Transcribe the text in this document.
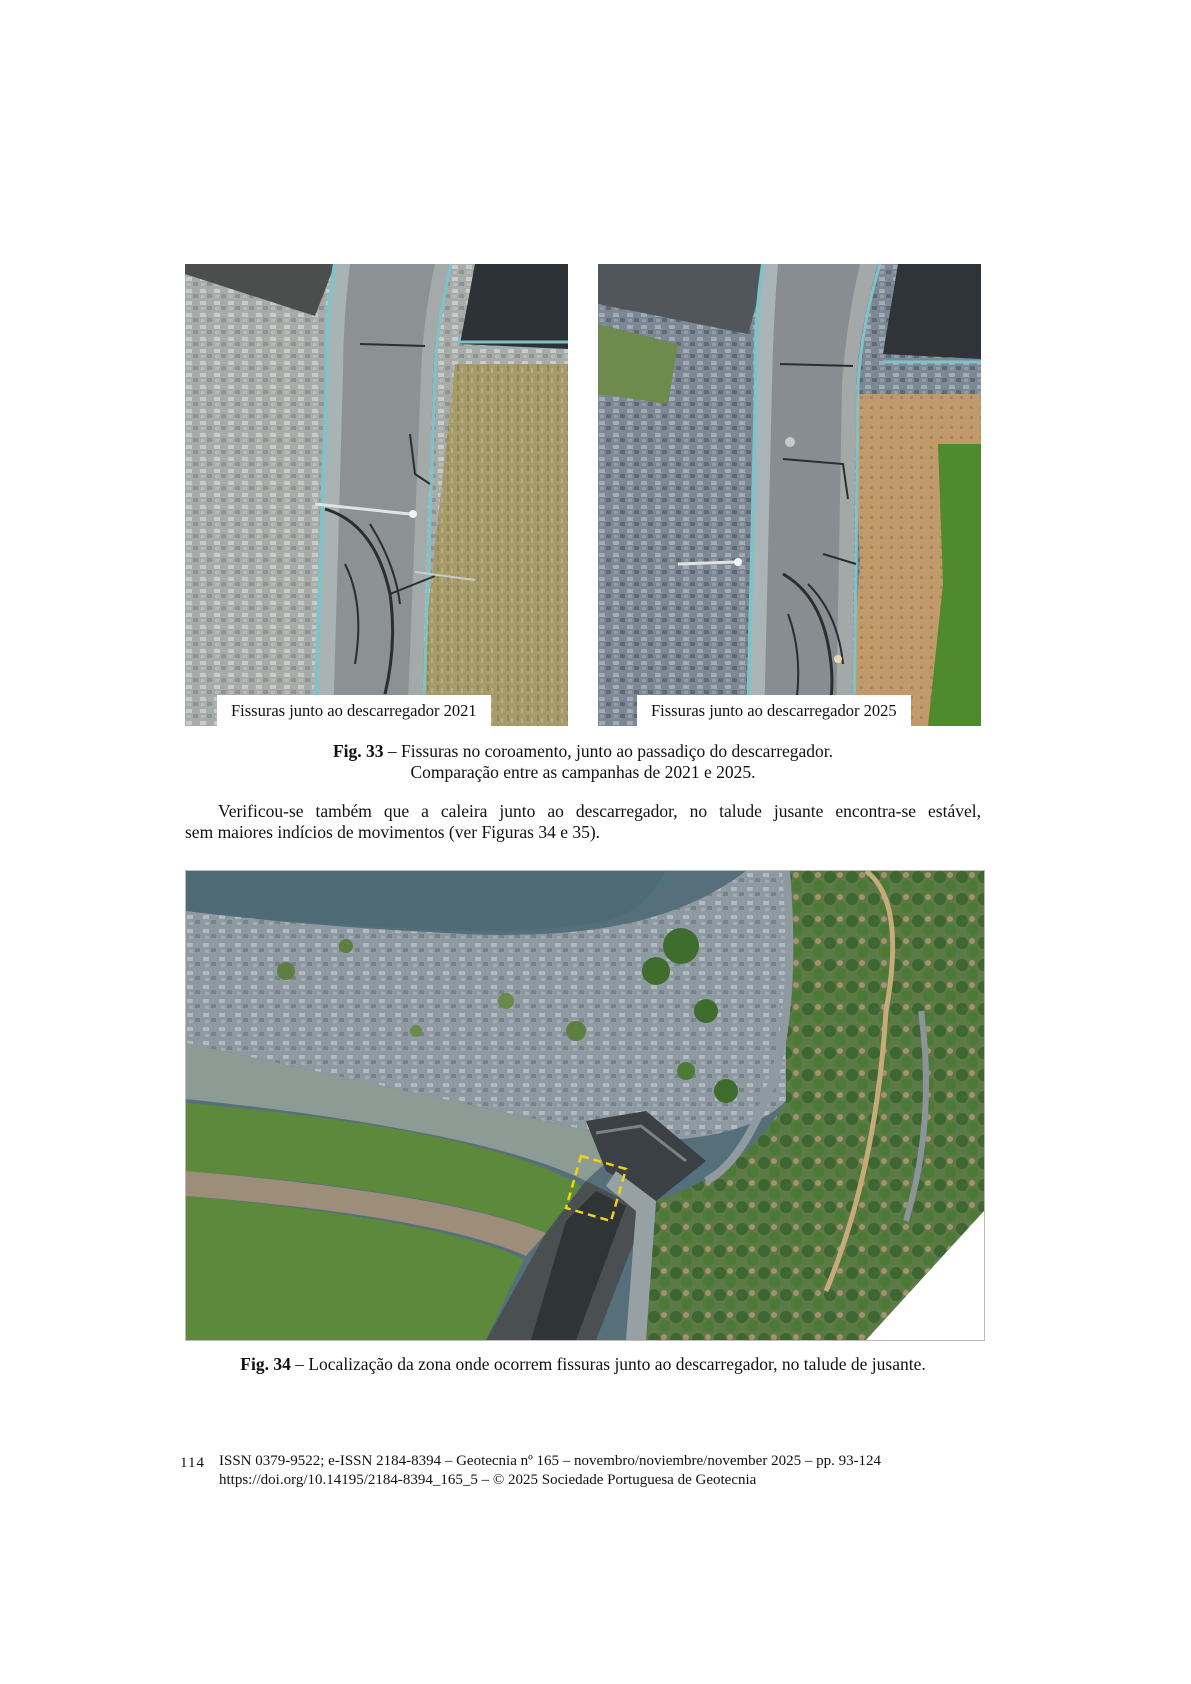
Fissuras junto ao descarregador 2021	Fissuras junto ao descarregador 2025
Fig. 33 – Fissuras no coroamento, junto ao passadiço do descarregador.
Comparação entre as campanhas de 2021 e 2025.
Verificou-se também que a caleira junto ao descarregador, no talude jusante encontra-se estável,
sem maiores indícios de movimentos (ver Figuras 34 e 35).
Fig. 34 – Localização da zona onde ocorrem fissuras junto ao descarregador, no talude de jusante.
114 ISSN 0379-9522; e-ISSN 2184-8394 – Geotecnia nº 165 – novembro/noviembre/november 2025 – pp. 93-124
https://doi.org/10.14195/2184-8394_165_5 – © 2025 Sociedade Portuguesa de Geotecnia
